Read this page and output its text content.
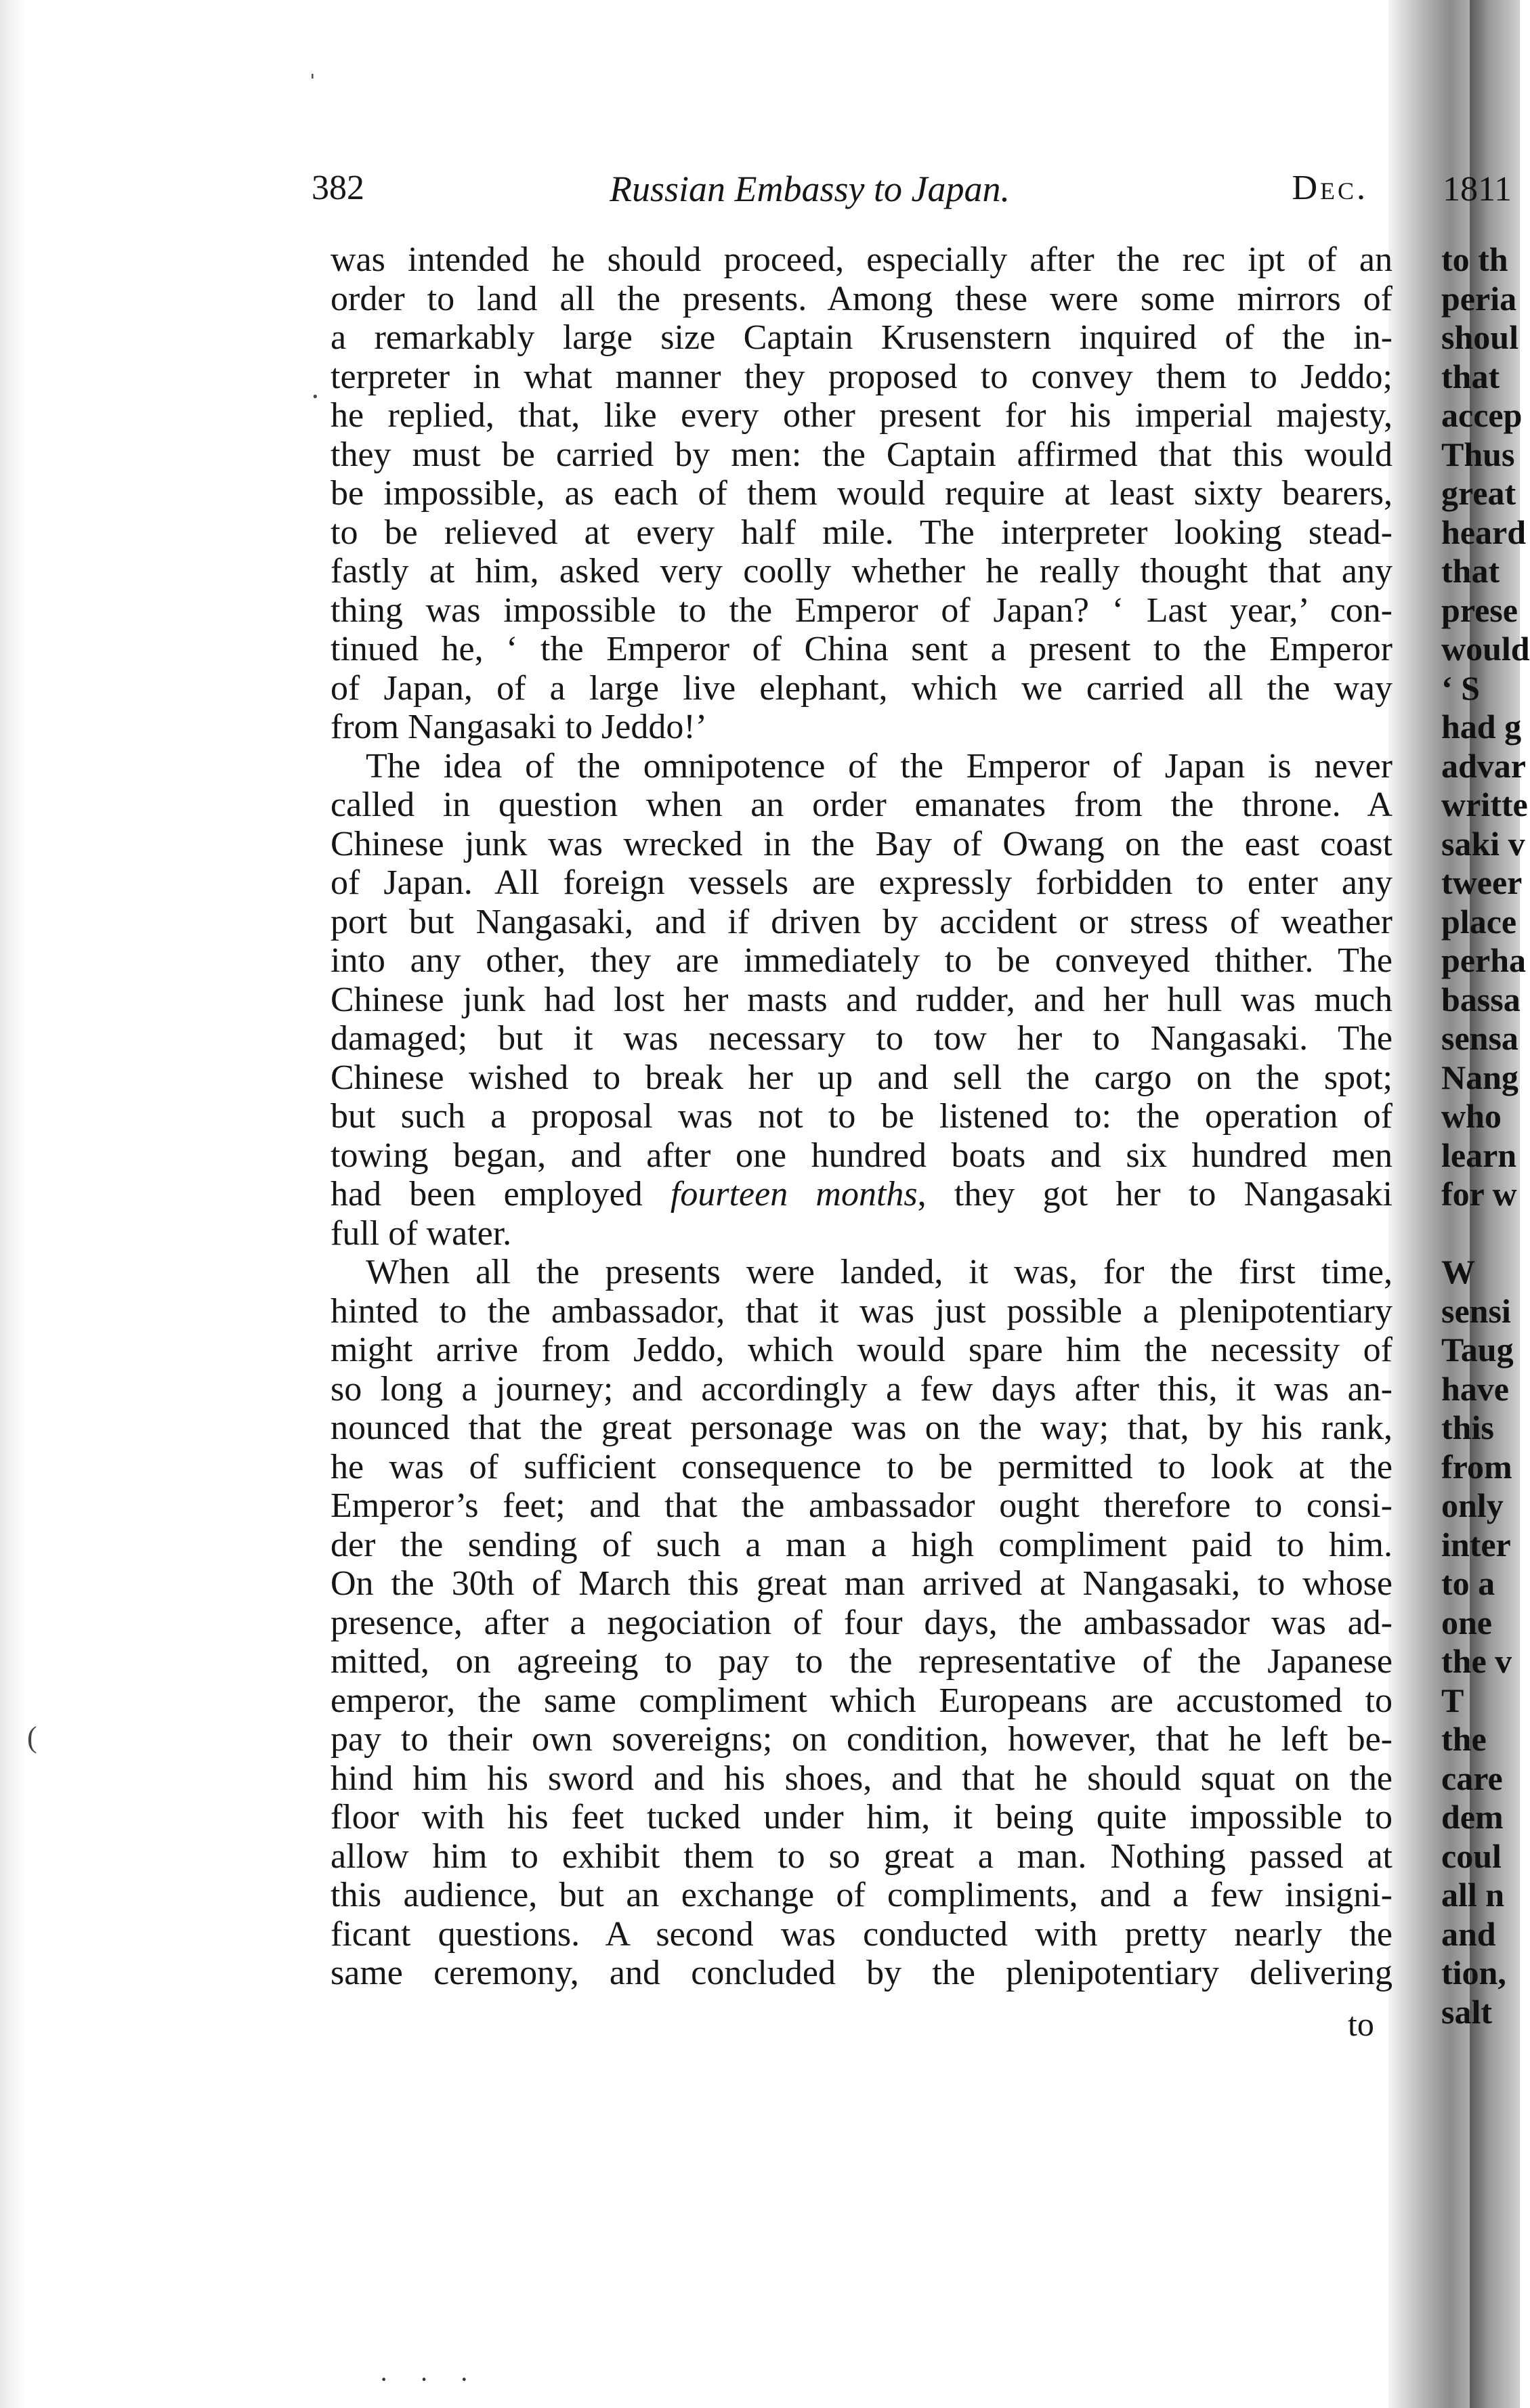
382	Russian Embassy to Japan.	Dec.
was intended he should proceed, especially after the rec ipt of an
order to land all the presents. Among these were some mirrors of
a remarkably large size Captain Krusenstern inquired of the in-
terpreter in what manner they proposed to convey them to Jeddo;
he replied, that, like every other present for his imperial majesty,
they must be carried by men: the Captain affirmed that this would
be impossible, as each of them would require at least sixty bearers,
to be relieved at every half mile. The interpreter looking stead-
fastly at him, asked very coolly whether he really thought that any
thing was impossible to the Emperor of Japan? ‘ Last year,’ con-
tinued he, ‘ the Emperor of China sent a present to the Emperor
of Japan, of a large live elephant, which we carried all the way
from Nangasaki to Jeddo!’
The idea of the omnipotence of the Emperor of Japan is never
called in question when an order emanates from the throne. A
Chinese junk was wrecked in the Bay of Owang on the east coast
of Japan. All foreign vessels are expressly forbidden to enter any
port but Nangasaki, and if driven by accident or stress of weather
into any other, they are immediately to be conveyed thither. The
Chinese junk had lost her masts and rudder, and her hull was much
damaged; but it was necessary to tow her to Nangasaki. The
Chinese wished to break her up and sell the cargo on the spot;
but such a proposal was not to be listened to: the operation of
towing began, and after one hundred boats and six hundred men
had been employed fourteen months, they got her to Nangasaki
full of water.
When all the presents were landed, it was, for the first time,
hinted to the ambassador, that it was just possible a plenipotentiary
might arrive from Jeddo, which would spare him the necessity of
so long a journey; and accordingly a few days after this, it was an-
nounced that the great personage was on the way; that, by his rank,
he was of sufficient consequence to be permitted to look at the
Emperor’s feet; and that the ambassador ought therefore to consi-
der the sending of such a man a high compliment paid to him.
On the 30th of March this great man arrived at Nangasaki, to whose
presence, after a negociation of four days, the ambassador was ad-
mitted, on agreeing to pay to the representative of the Japanese
emperor, the same compliment which Europeans are accustomed to
pay to their own sovereigns; on condition, however, that he left be-
hind him his sword and his shoes, and that he should squat on the
floor with his feet tucked under him, it being quite impossible to
allow him to exhibit them to so great a man. Nothing passed at
this audience, but an exchange of compliments, and a few insigni-
ficant questions. A second was conducted with pretty nearly the
same ceremony, and concluded by the plenipotentiary delivering
to
·
(
ˈ
1811
to th
peria
shoul
that
accep
Thus
great
heard
that
prese
would
‘ S
had g
advar
writte
saki v
tweer
place
perha
bassa
sensa
Nang
who
learn
for w
W
sensi
Taug
have
this
from
only
inter
to a
one
the v
T
the
care
dem
coul
all n
and
tion,
salt
· · ·
